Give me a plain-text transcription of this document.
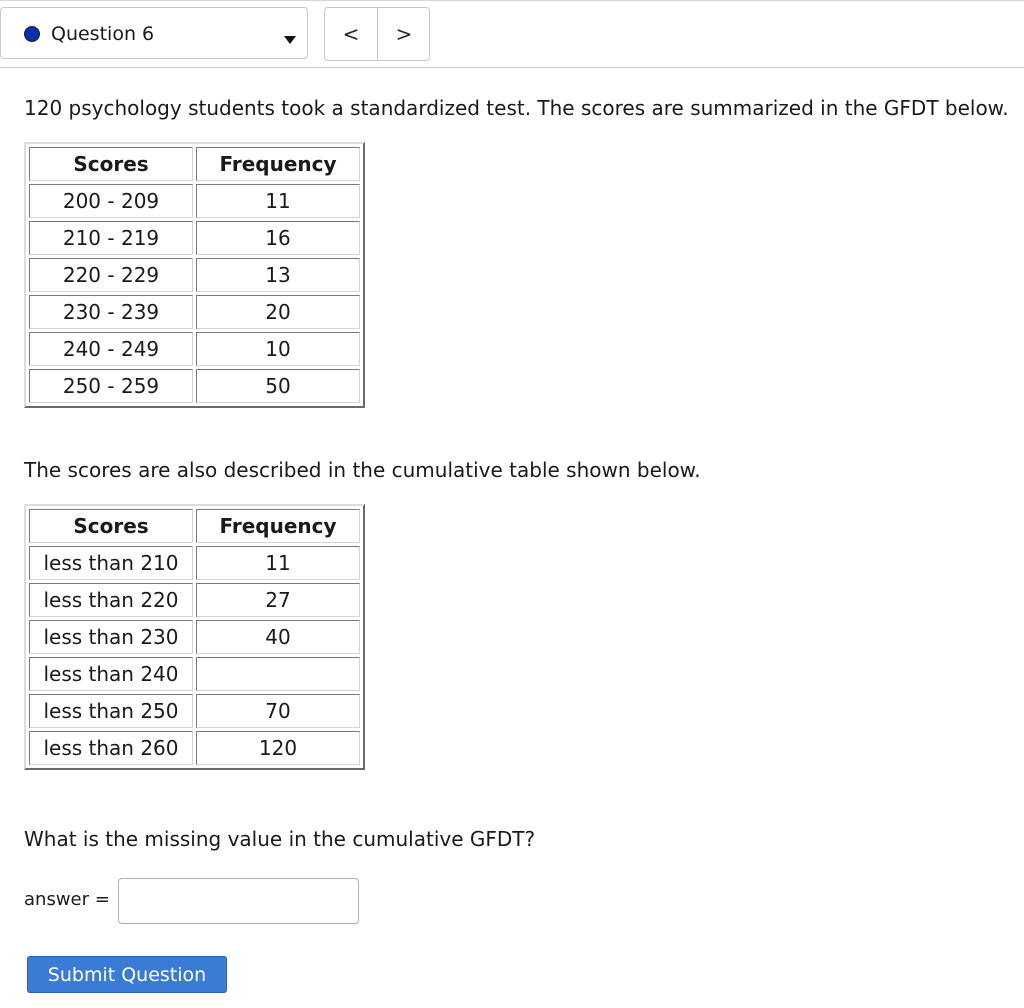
Question 6	<	>
120 psychology students took a standardized test. The scores are summarized in the GFDT below.
Scores	Frequency
200 - 209	11
210 - 219	16
220 - 229	13
230 - 239	20
240 - 249	10
250 - 259	50
The scores are also described in the cumulative table shown below.
Scores	Frequency
less than 210	11
less than 220	27
less than 230	40
less than 240	
less than 250	70
less than 260	120
What is the missing value in the cumulative GFDT?
answer =
Submit Question
